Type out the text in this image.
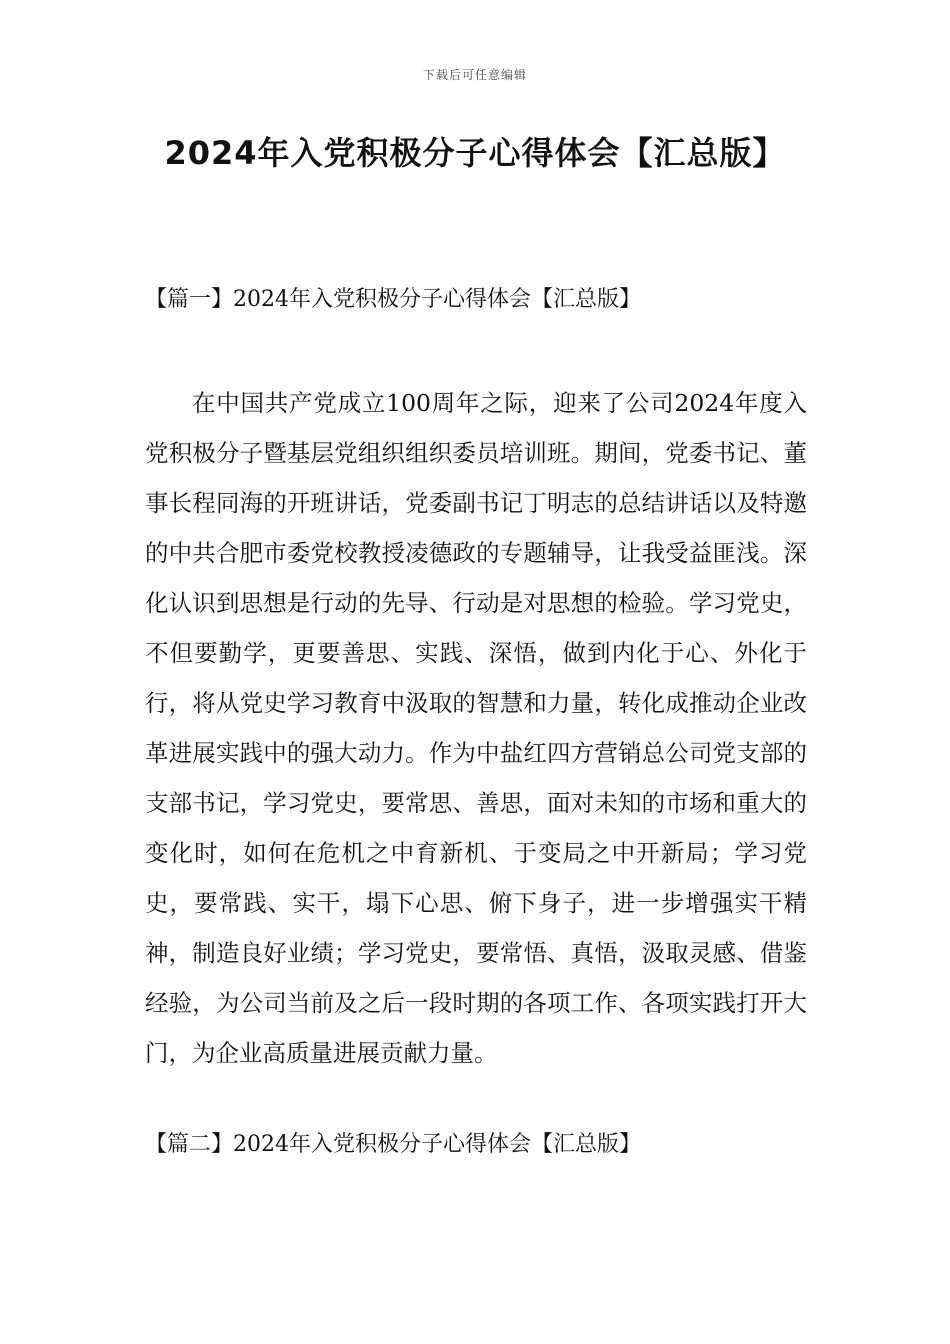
下载后可任意编辑
2024年入党积极分子心得体会【汇总版】
【篇一】2024年入党积极分子心得体会【汇总版】

在中国共产党成立100周年之际，迎来了公司2024年度入党积极分子暨基层党组织组织委员培训班。期间，党委书记、董事长程同海的开班讲话，党委副书记丁明志的总结讲话以及特邀的中共合肥市委党校教授凌德政的专题辅导，让我受益匪浅。深化认识到思想是行动的先导、行动是对思想的检验。学习党史，不但要勤学，更要善思、实践、深悟，做到内化于心、外化于行，将从党史学习教育中汲取的智慧和力量，转化成推动企业改革进展实践中的强大动力。作为中盐红四方营销总公司党支部的支部书记，学习党史，要常思、善思，面对未知的市场和重大的变化时，如何在危机之中育新机、于变局之中开新局；学习党史，要常践、实干，塌下心思、俯下身子，进一步增强实干精神，制造良好业绩；学习党史，要常悟、真悟，汲取灵感、借鉴经验，为公司当前及之后一段时期的各项工作、各项实践打开大门，为企业高质量进展贡献力量。

【篇二】2024年入党积极分子心得体会【汇总版】
